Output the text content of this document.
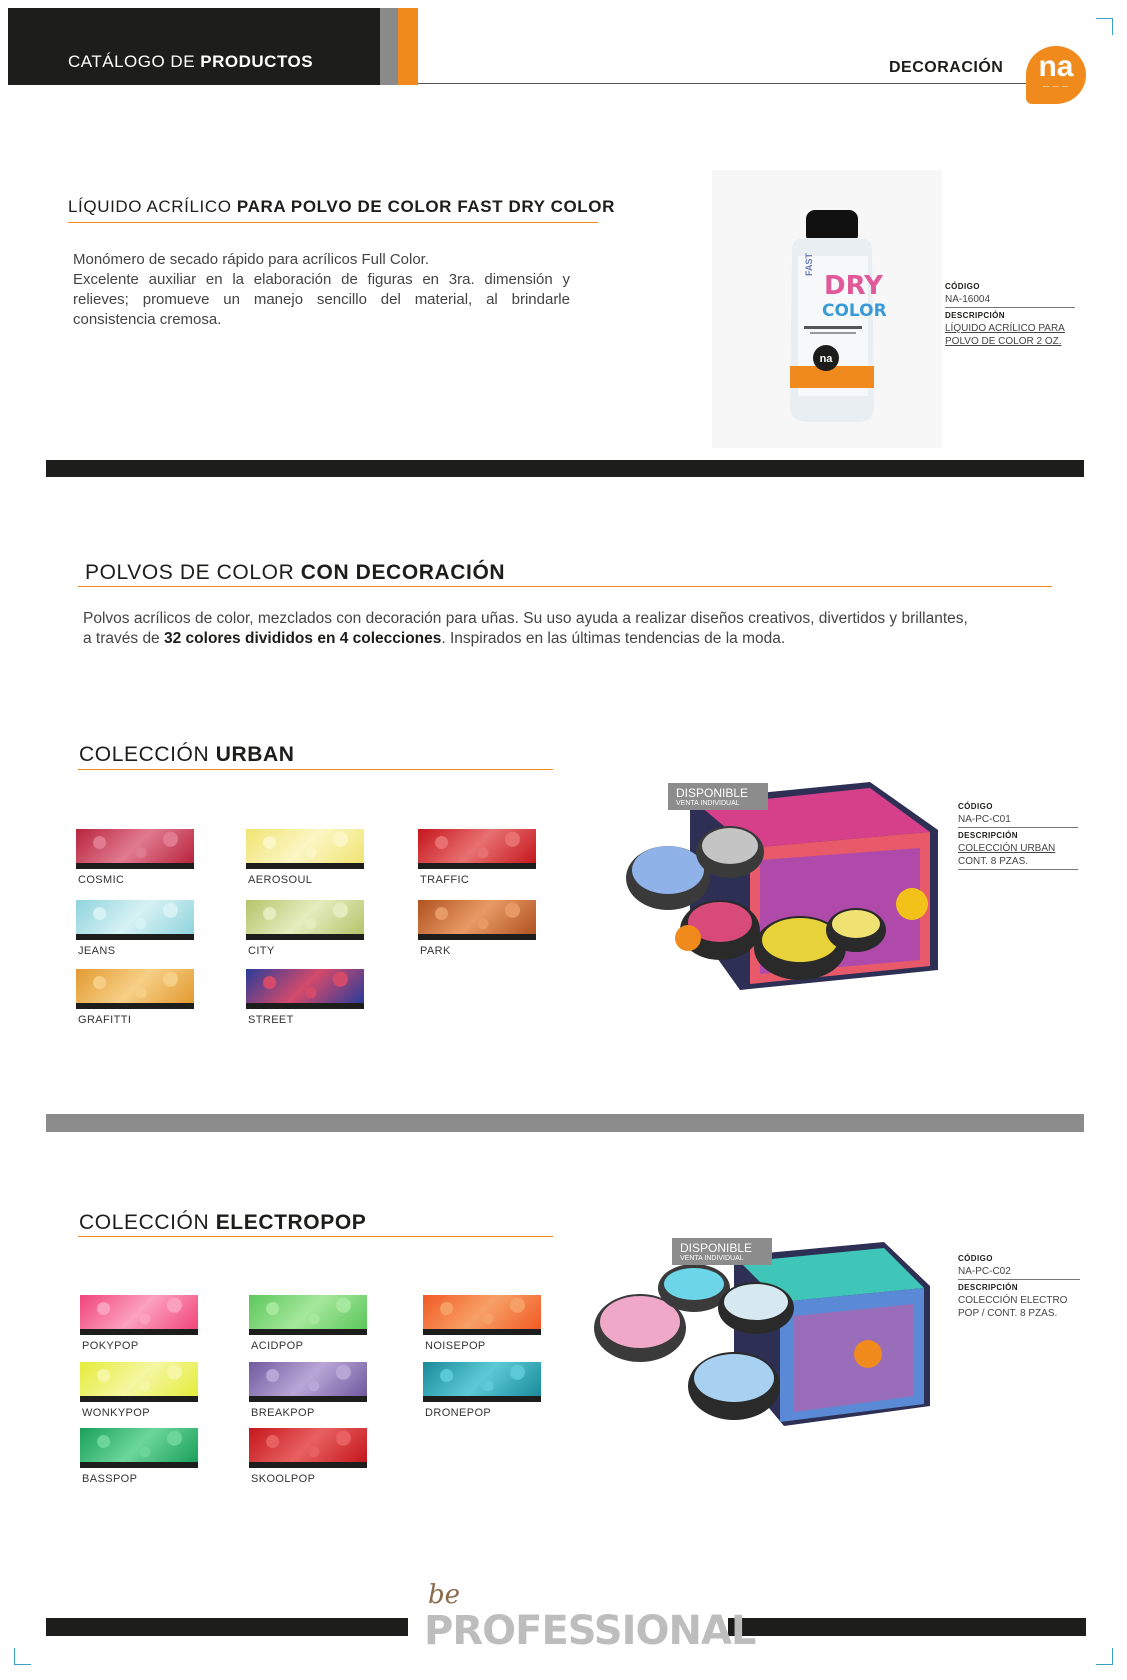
CATÁLOGO DE PRODUCTOS	DECORACIÓN	na
— — —
LÍQUIDO ACRÍLICO PARA POLVO DE COLOR FAST DRY COLOR
Monómero de secado rápido para acrílicos Full Color.
Excelente auxiliar en la elaboración de figuras en 3ra. dimensión y relieves; promueve un manejo sencillo del material, al brindarle consistencia cremosa.
na
FAST
DRY
COLOR
CÓDIGO
NA-16004
DESCRIPCIÓN
LÍQUIDO ACRÍLICO PARA
POLVO DE COLOR 2 OZ.
POLVOS DE COLOR CON DECORACIÓN
Polvos acrílicos de color, mezclados con decoración para uñas. Su uso ayuda a realizar diseños creativos, divertidos y brillantes,
a través de 32 colores divididos en 4 colecciones. Inspirados en las últimas tendencias de la moda.
COLECCIÓN URBAN
COSMIC	AEROSOUL	TRAFFIC
JEANS	CITY	PARK
GRAFITTI	STREET
DISPONIBLE
VENTA INDIVIDUAL	CÓDIGO
NA-PC-C01
DESCRIPCIÓN
COLECCIÓN URBAN
CONT. 8 PZAS.
COLECCIÓN ELECTROPOP
POKYPOP	ACIDPOP	NOISEPOP
WONKYPOP	BREAKPOP	DRONEPOP
BASSPOP	SKOOLPOP
DISPONIBLE
VENTA INDIVIDUAL	CÓDIGO
NA-PC-C02
DESCRIPCIÓN
COLECCIÓN ELECTRO
POP / CONT. 8 PZAS.
be
PROFESSIONAL
